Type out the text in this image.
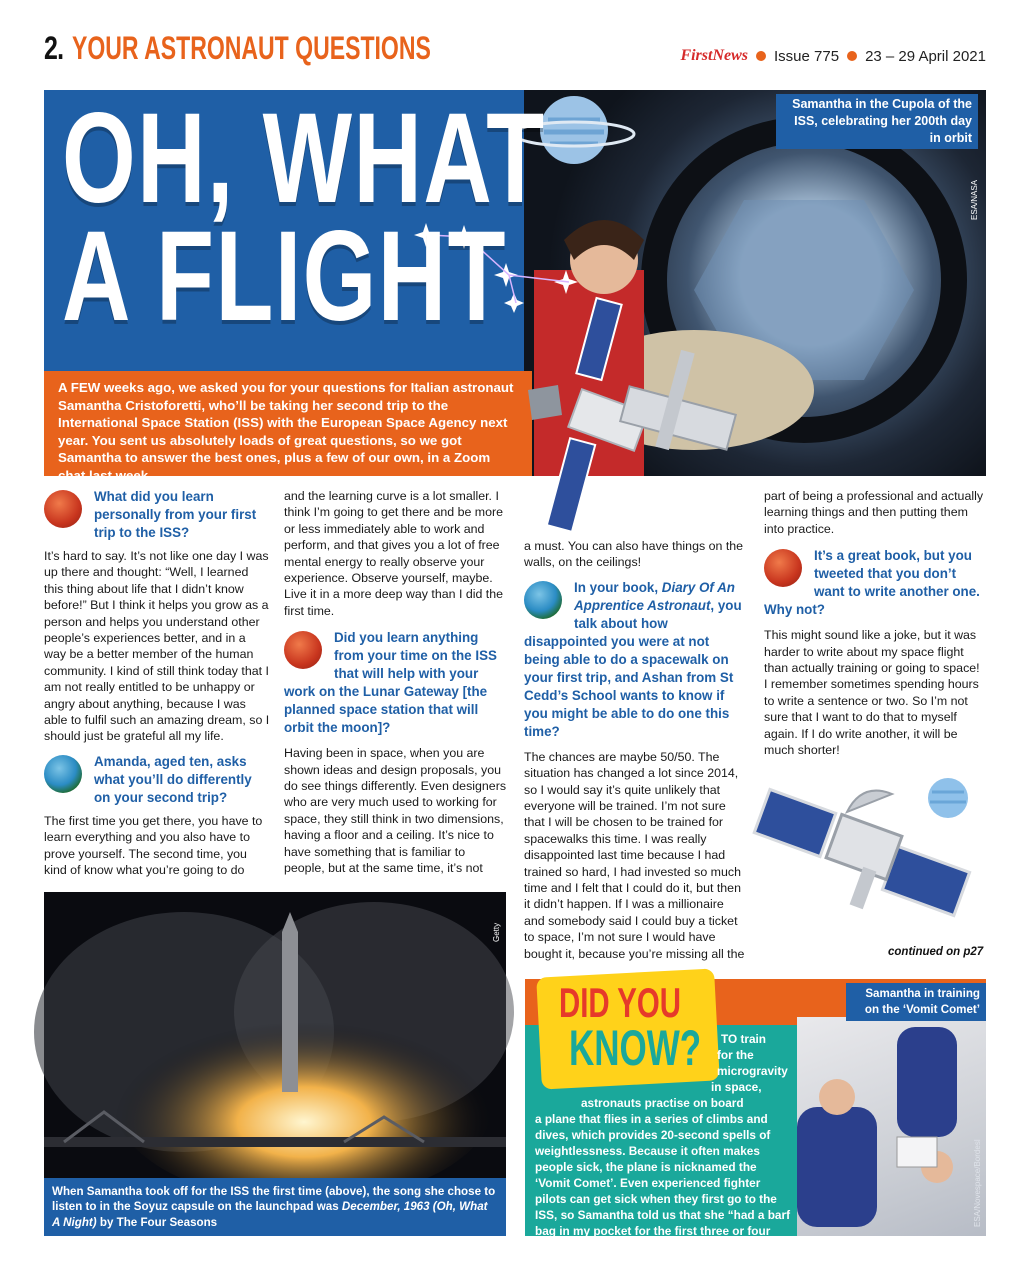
2. YOUR ASTRONAUT QUESTIONS	FirstNews Issue 775 23 – 29 April 2021
ESA/NASA
OH, WHAT
A FLIGHT
Samantha in the Cupola of the ISS, celebrating her 200th day in orbit
A FEW weeks ago, we asked you for your questions for Italian astronaut Samantha Cristoforetti, who’ll be taking her second trip to the International Space Station (ISS) with the European Space Agency next year. You sent us absolutely loads of great questions, so we got Samantha to answer the best ones, plus a few of our own, in a Zoom chat last week.
What did you learn personally from your first trip to the ISS?

It’s hard to say. It’s not like one day I was up there and thought: “Well, I learned this thing about life that I didn’t know before!” But I think it helps you grow as a person and helps you understand other people’s experiences better, and in a way be a better member of the human community. I kind of still think today that I am not really entitled to be unhappy or angry about anything, because I was able to fulfil such an amazing dream, so I should just be grateful all my life.

Amanda, aged ten, asks what you’ll do differently on your second trip?

The first time you get there, you have to learn everything and you also have to prove yourself. The second time, you kind of know what you’re going to do

and the learning curve is a lot smaller. I think I’m going to get there and be more or less immediately able to work and perform, and that gives you a lot of free mental energy to really observe your experience. Observe yourself, maybe. Live it in a more deep way than I did the first time.

Did you learn anything from your time on the ISS that will help with your work on the Lunar Gateway [the planned space station that will orbit the moon]?

Having been in space, when you are shown ideas and design proposals, you do see things differently. Even designers who are very much used to working for space, they still think in two dimensions, having a floor and a ceiling. It’s nice to have something that is familiar to people, but at the same time, it’s not

a must. You can also have things on the walls, on the ceilings!

In your book, Diary Of An Apprentice Astronaut, you talk about how disappointed you were at not being able to do a spacewalk on your first trip, and Ashan from St Cedd’s School wants to know if you might be able to do one this time?

The chances are maybe 50/50. The situation has changed a lot since 2014, so I would say it’s quite unlikely that everyone will be trained. I’m not sure that I will be chosen to be trained for spacewalks this time. I was really disappointed last time because I had trained so hard, I had invested so much time and I felt that I could do it, but then it didn’t happen. If I was a millionaire and somebody said I could buy a ticket to space, I’m not sure I would have bought it, because you’re missing all the

part of being a professional and actually learning things and then putting them into practice.

It’s a great book, but you tweeted that you don’t want to write another one. Why not?

This might sound like a joke, but it was harder to write about my space flight than actually training or going to space! I remember sometimes spending hours to write a sentence or two. So I’m not sure that I want to do that to myself again. If I do write another, it will be much shorter!

continued on p27
Getty
When Samantha took off for the ISS the first time (above), the song she chose to listen to in the Soyuz capsule on the launchpad was December, 1963 (Oh, What A Night) by The Four Seasons	ESA/Novespace/Bordesl
Samantha in training on the ‘Vomit Comet’
DID YOU
KNOW? TO train
for the
microgravity
in space,
astronauts practise on board
a plane that flies in a series of climbs and dives, which provides 20-second spells of weightlessness. Because it often makes people sick, the plane is nicknamed the ‘Vomit Comet’. Even experienced fighter pilots can get sick when they first go to the ISS, so Samantha told us that she “had a barf bag in my pocket for the first three or four days, just in case!”
